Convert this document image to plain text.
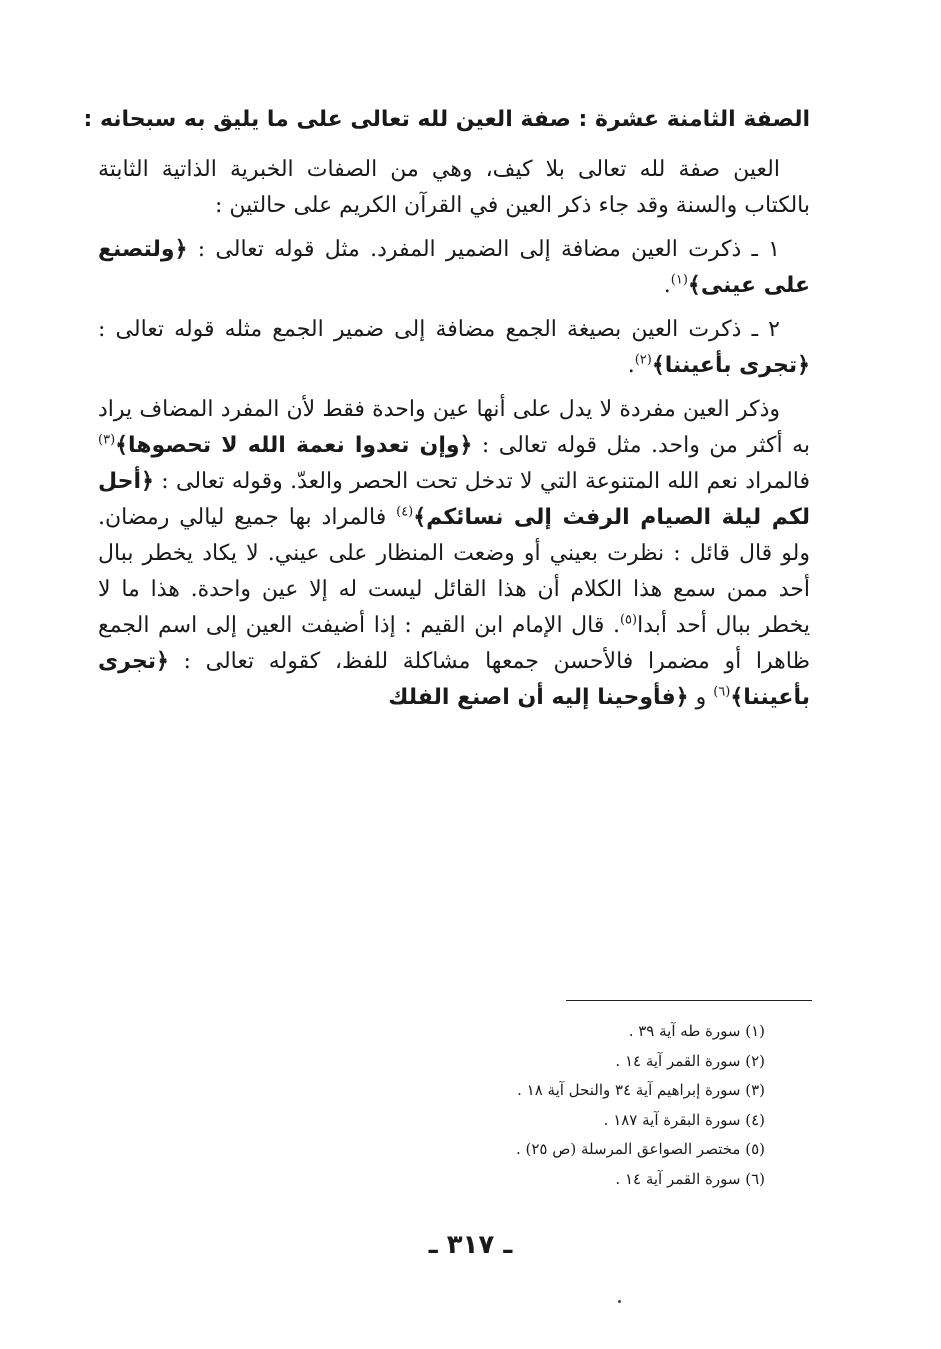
الصفة الثامنة عشرة : صفة العين لله تعالى على ما يليق به سبحانه :

العين صفة لله تعالى بلا كيف، وهي من الصفات الخبرية الذاتية الثابتة بالكتاب والسنة وقد جاء ذكر العين في القرآن الكريم على حالتين :

١ ـ ذكرت العين مضافة إلى الضمير المفرد. مثل قوله تعالى : ﴿ولتصنع على عينى﴾$^{(١)}$.

٢ ـ ذكرت العين بصيغة الجمع مضافة إلى ضمير الجمع مثله قوله تعالى : ﴿تجرى بأعيننا﴾$^{(٢)}$.

وذكر العين مفردة لا يدل على أنها عين واحدة فقط لأن المفرد المضاف يراد به أكثر من واحد. مثل قوله تعالى : ﴿وإن تعدوا نعمة الله لا تحصوها﴾$^{(٣)}$ فالمراد نعم الله المتنوعة التي لا تدخل تحت الحصر والعدّ. وقوله تعالى : ﴿أحل لكم ليلة الصيام الرفث إلى نسائكم﴾$^{(٤)}$ فالمراد بها جميع ليالي رمضان. ولو قال قائل : نظرت بعيني أو وضعت المنظار على عيني. لا يكاد يخطر ببال أحد ممن سمع هذا الكلام أن هذا القائل ليست له إلا عين واحدة. هذا ما لا يخطر ببال أحد أبدا$^{(٥)}$. قال الإمام ابن القيم : إذا أضيفت العين إلى اسم الجمع ظاهرا أو مضمرا فالأحسن جمعها مشاكلة للفظ، كقوله تعالى : ﴿تجرى بأعيننا﴾$^{(٦)}$ و ﴿فأوحينا إليه أن اصنع الفلك

(١) سورة طه آية ٣٩ .
(٢) سورة القمر آية ١٤ .
(٣) سورة إبراهيم آية ٣٤ والنحل آية ١٨ .
(٤) سورة البقرة آية ١٨٧ .
(٥) مختصر الصواعق المرسلة (ص ٢٥) .
(٦) سورة القمر آية ١٤ .
ـ ٣١٧ ـ
